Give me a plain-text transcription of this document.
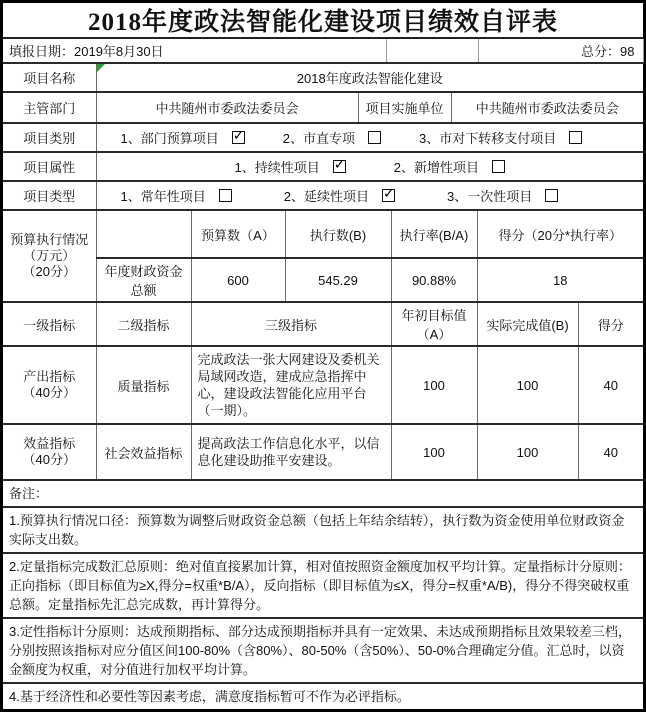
2018年度政法智能化建设项目绩效自评表
填报日期：2019年8月30日		总分：98
项目名称	2018年度政法智能化建设
主管部门	中共随州市委政法委员会	项目实施单位	中共随州市委政法委员会
项目类别	1、部门预算项目 ✓	2、市直专项	3、市对下转移支付项目
项目属性	1、持续性项目 ✓	2、新增性项目
项目类型	1、常年性项目	2、延续性项目 ✓	3、一次性项目
预算执行情况
（万元）
（20分）		预算数（A）	执行数(B)	执行率(B/A)	得分（20分*执行率）
	年度财政资金总额	600	545.29	90.88%	18
一级指标	二级指标	三级指标	年初目标值（A）	实际完成值(B)	得分

产出指标
（40分）	质量指标	完成政法一张大网建设及委机关局域网改造，建成应急指挥中心，建设政法智能化应用平台（一期）。	100	100	40

效益指标
（40分）	社会效益指标	提高政法工作信息化水平，以信息化建设助推平安建设。	100	100	40
备注：
1.预算执行情况口径：预算数为调整后财政资金总额（包括上年结余结转），执行数为资金使用单位财政资金实际支出数。
2.定量指标完成数汇总原则：绝对值直接累加计算，相对值按照资金额度加权平均计算。定量指标计分原则：正向指标（即目标值为≥X,得分=权重*B/A），反向指标（即目标值为≤X，得分=权重*A/B)，得分不得突破权重总额。定量指标先汇总完成数，再计算得分。
3.定性指标计分原则：达成预期指标、部分达成预期指标并具有一定效果、未达成预期指标且效果较差三档，分别按照该指标对应分值区间100-80%（含80%）、80-50%（含50%）、50-0%合理确定分值。汇总时，以资金额度为权重，对分值进行加权平均计算。
4.基于经济性和必要性等因素考虑，满意度指标暂可不作为必评指标。
